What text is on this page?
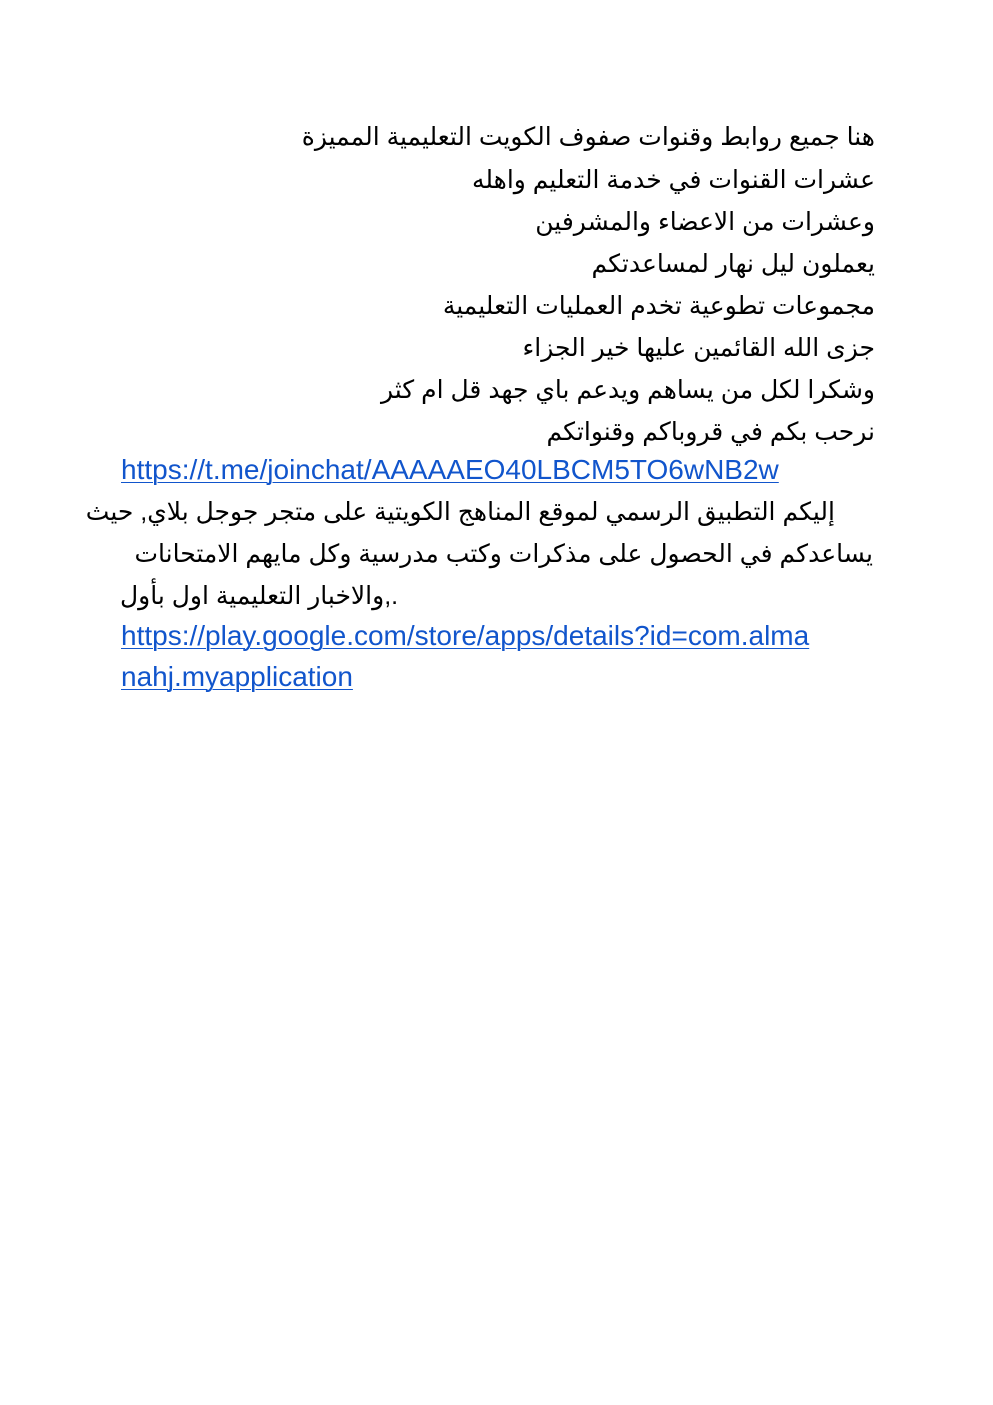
هنا جميع روابط وقنوات صفوف الكويت التعليمية المميزة
عشرات القنوات في خدمة التعليم واهله
وعشرات من الاعضاء والمشرفين
يعملون ليل نهار لمساعدتكم
مجموعات تطوعية تخدم العمليات التعليمية
جزى الله القائمين عليها خير الجزاء
وشكرا لكل من يساهم ويدعم باي جهد قل ام كثر
نرحب بكم في قروباكم وقنواتكم
https://t.me/joinchat/AAAAAEO40LBCM5TO6wNB2w
إليكم التطبيق الرسمي لموقع المناهج الكويتية على متجر جوجل بلاي, حيث
يساعدكم في الحصول على مذكرات وكتب مدرسية وكل مايهم الامتحانات
والاخبار التعليمية اول بأول,.
https://play.google.com/store/apps/details?id=com.alma
nahj.myapplication
